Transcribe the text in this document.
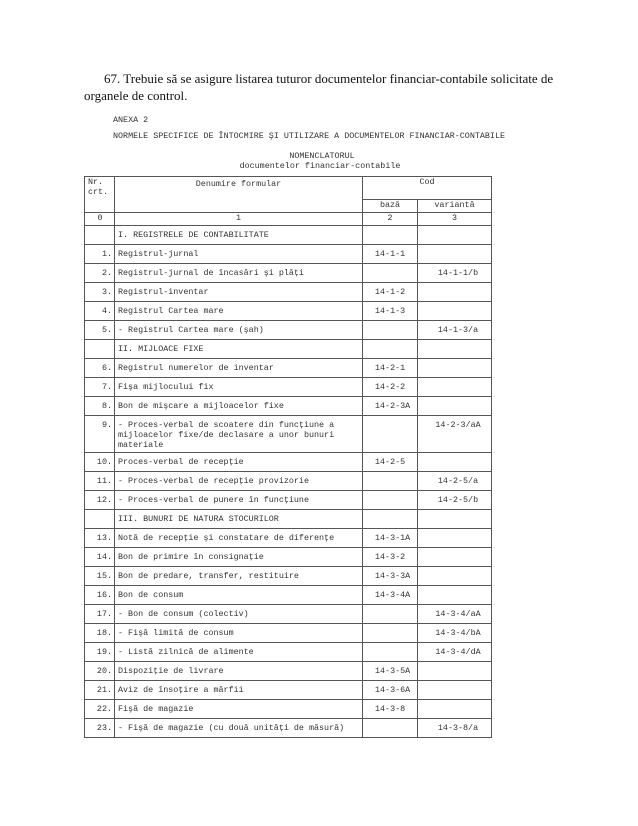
67. Trebuie să se asigure listarea tuturor documentelor financiar-contabile solicitate de
organele de control.
ANEXA 2
NORMELE SPECIFICE DE ÎNTOCMIRE ŞI UTILIZARE A DOCUMENTELOR FINANCIAR-CONTABILE
NOMENCLATORUL
documentelor financiar-contabile
Nr.
crt.	Denumire formular	Cod	
		bază	variantă
0	1	2	3
	I. REGISTRELE DE CONTABILITATE		
1.	Registrul-jurnal	14-1-1	
2.	Registrul-jurnal de încasări şi plăţi		14-1-1/b
3.	Registrul-inventar	14-1-2	
4.	Registrul Cartea mare	14-1-3	
5.	- Registrul Cartea mare (şah)		14-1-3/a
	II. MIJLOACE FIXE		
6.	Registrul numerelor de inventar	14-2-1	
7.	Fişa mijlocului fix	14-2-2	
8.	Bon de mişcare a mijloacelor fixe	14-2-3A	
9.	- Proces-verbal de scoatere din funcţiune a mijloacelor fixe/de declasare a unor bunuri materiale		14-2-3/aA
10.	Proces-verbal de recepţie	14-2-5	
11.	- Proces-verbal de recepţie provizorie		14-2-5/a
12.	- Proces-verbal de punere în funcţiune		14-2-5/b
	III. BUNURI DE NATURA STOCURILOR		
13.	Notă de recepţie şi constatare de diferenţe	14-3-1A	
14.	Bon de primire în consignaţie	14-3-2	
15.	Bon de predare, transfer, restituire	14-3-3A	
16.	Bon de consum	14-3-4A	
17.	- Bon de consum (colectiv)		14-3-4/aA
18.	- Fişă limită de consum		14-3-4/bA
19.	- Listă zilnică de alimente		14-3-4/dA
20.	Dispoziţie de livrare	14-3-5A	
21.	Aviz de însoţire a mărfii	14-3-6A	
22.	Fişă de magazie	14-3-8	
23.	- Fişă de magazie (cu două unităţi de măsură)		14-3-8/a
